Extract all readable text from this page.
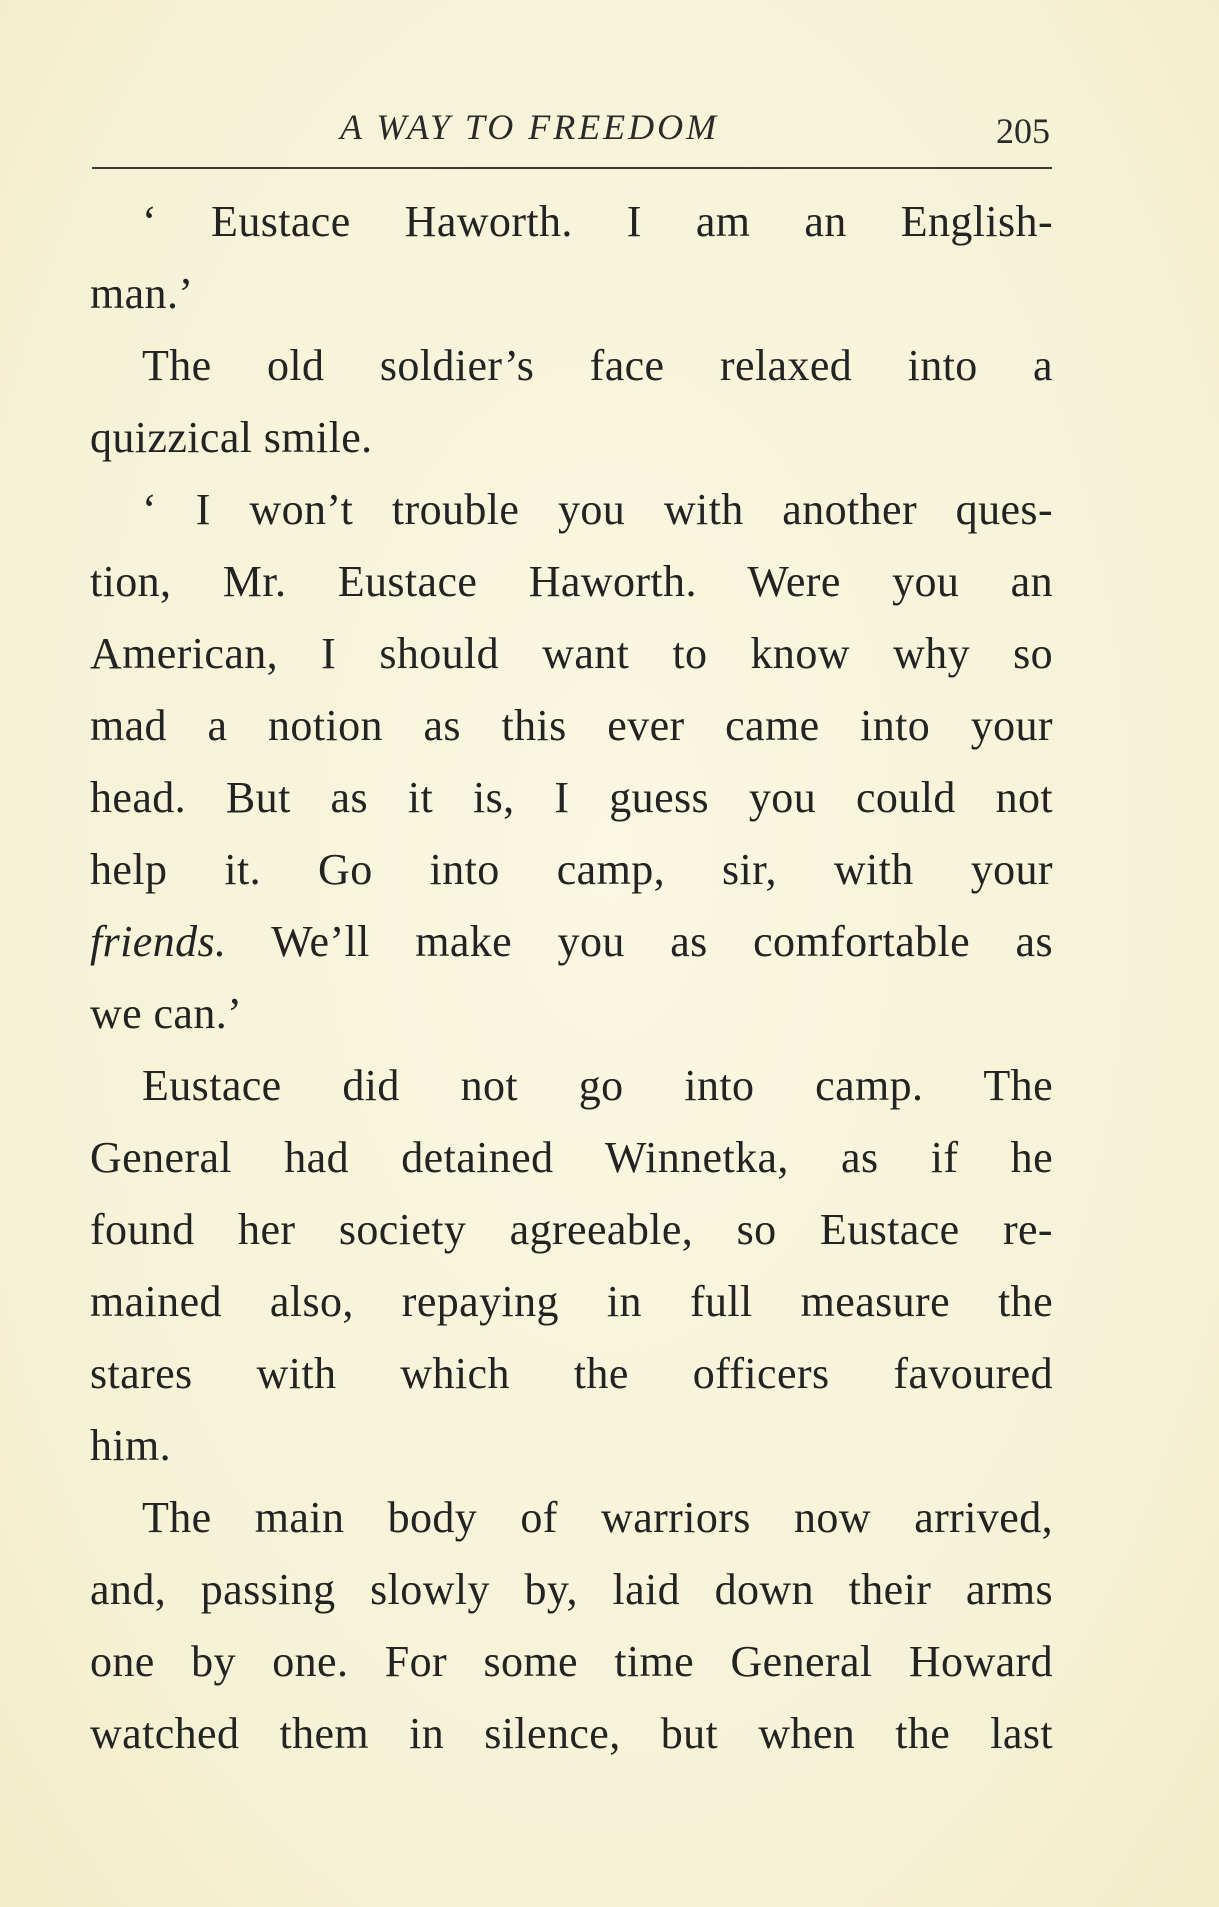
A WAY TO FREEDOM	205
‘ Eustace Haworth. I am an English-
man.’
The old soldier’s face relaxed into a
quizzical smile.
‘ I won’t trouble you with another ques-
tion, Mr. Eustace Haworth. Were you an
American, I should want to know why so
mad a notion as this ever came into your
head. But as it is, I guess you could not
help it. Go into camp, sir, with your
friends. We’ll make you as comfortable as
we can.’
Eustace did not go into camp. The
General had detained Winnetka, as if he
found her society agreeable, so Eustace re-
mained also, repaying in full measure the
stares with which the officers favoured
him.
The main body of warriors now arrived,
and, passing slowly by, laid down their arms
one by one. For some time General Howard
watched them in silence, but when the last
